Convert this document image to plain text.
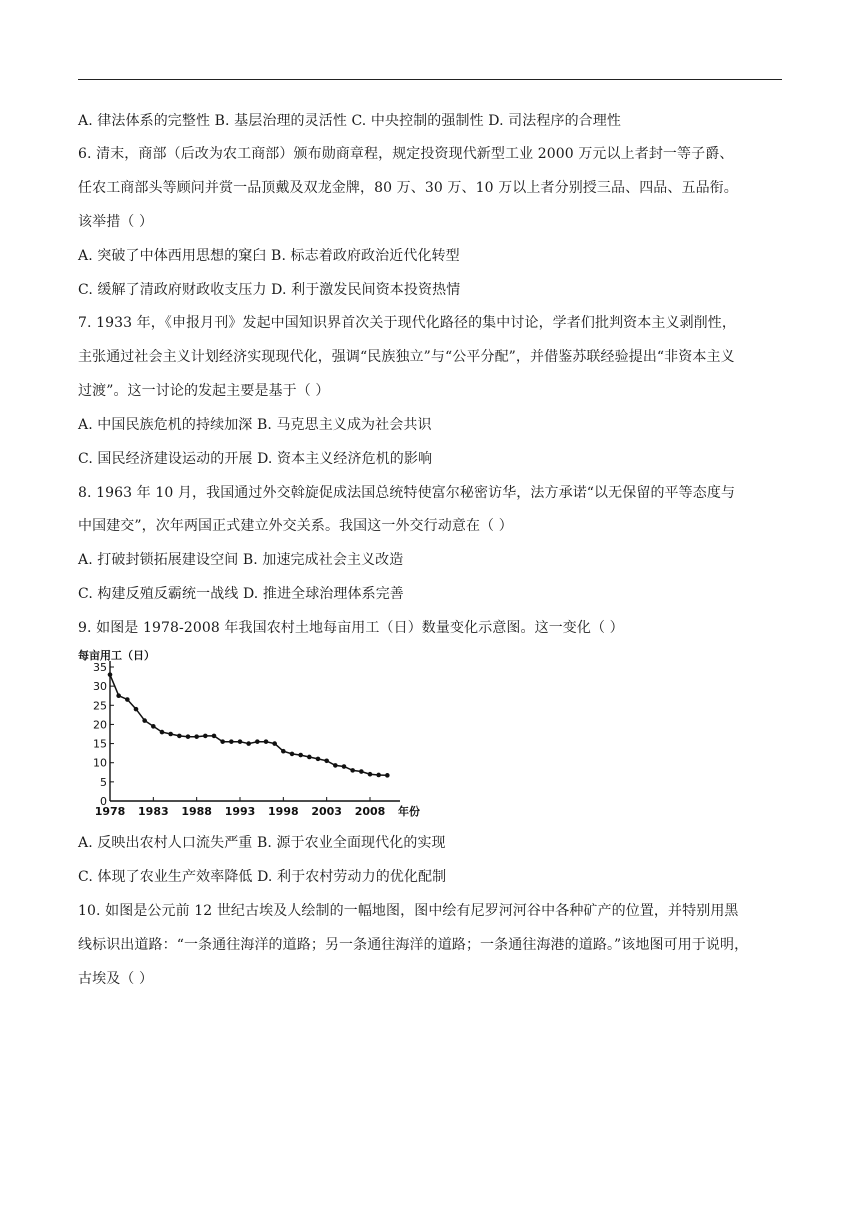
A. 律法体系的完整性 B. 基层治理的灵活性 C. 中央控制的强制性 D. 司法程序的合理性
6. 清末，商部（后改为农工商部）颁布勋商章程，规定投资现代新型工业 2000 万元以上者封一等子爵、
任农工商部头等顾问并赏一品顶戴及双龙金牌，80 万、30 万、10 万以上者分别授三品、四品、五品衔。
该举措（ ）
A. 突破了中体西用思想的窠臼 B. 标志着政府政治近代化转型
C. 缓解了清政府财政收支压力 D. 利于激发民间资本投资热情
7. 1933 年，《申报月刊》发起中国知识界首次关于现代化路径的集中讨论，学者们批判资本主义剥削性，
主张通过社会主义计划经济实现现代化，强调“民族独立”与“公平分配”，并借鉴苏联经验提出“非资本主义
过渡”。这一讨论的发起主要是基于（ ）
A. 中国民族危机的持续加深 B. 马克思主义成为社会共识
C. 国民经济建设运动的开展 D. 资本主义经济危机的影响
8. 1963 年 10 月，我国通过外交斡旋促成法国总统特使富尔秘密访华，法方承诺“以无保留的平等态度与
中国建交”，次年两国正式建立外交关系。我国这一外交行动意在（ ）
A. 打破封锁拓展建设空间 B. 加速完成社会主义改造
C. 构建反殖反霸统一战线 D. 推进全球治理体系完善
9. 如图是 1978-2008 年我国农村土地每亩用工（日）数量变化示意图。这一变化（ ）
0
5
10
15
20
25
30
35
1978 1983 1988 1993 1998 2003 2008
每亩用工（日）
年份
A. 反映出农村人口流失严重 B. 源于农业全面现代化的实现
C. 体现了农业生产效率降低 D. 利于农村劳动力的优化配制
10. 如图是公元前 12 世纪古埃及人绘制的一幅地图，图中绘有尼罗河河谷中各种矿产的位置，并特别用黑
线标识出道路：“一条通往海洋的道路；另一条通往海洋的道路；一条通往海港的道路。”该地图可用于说明，
古埃及（ ）
